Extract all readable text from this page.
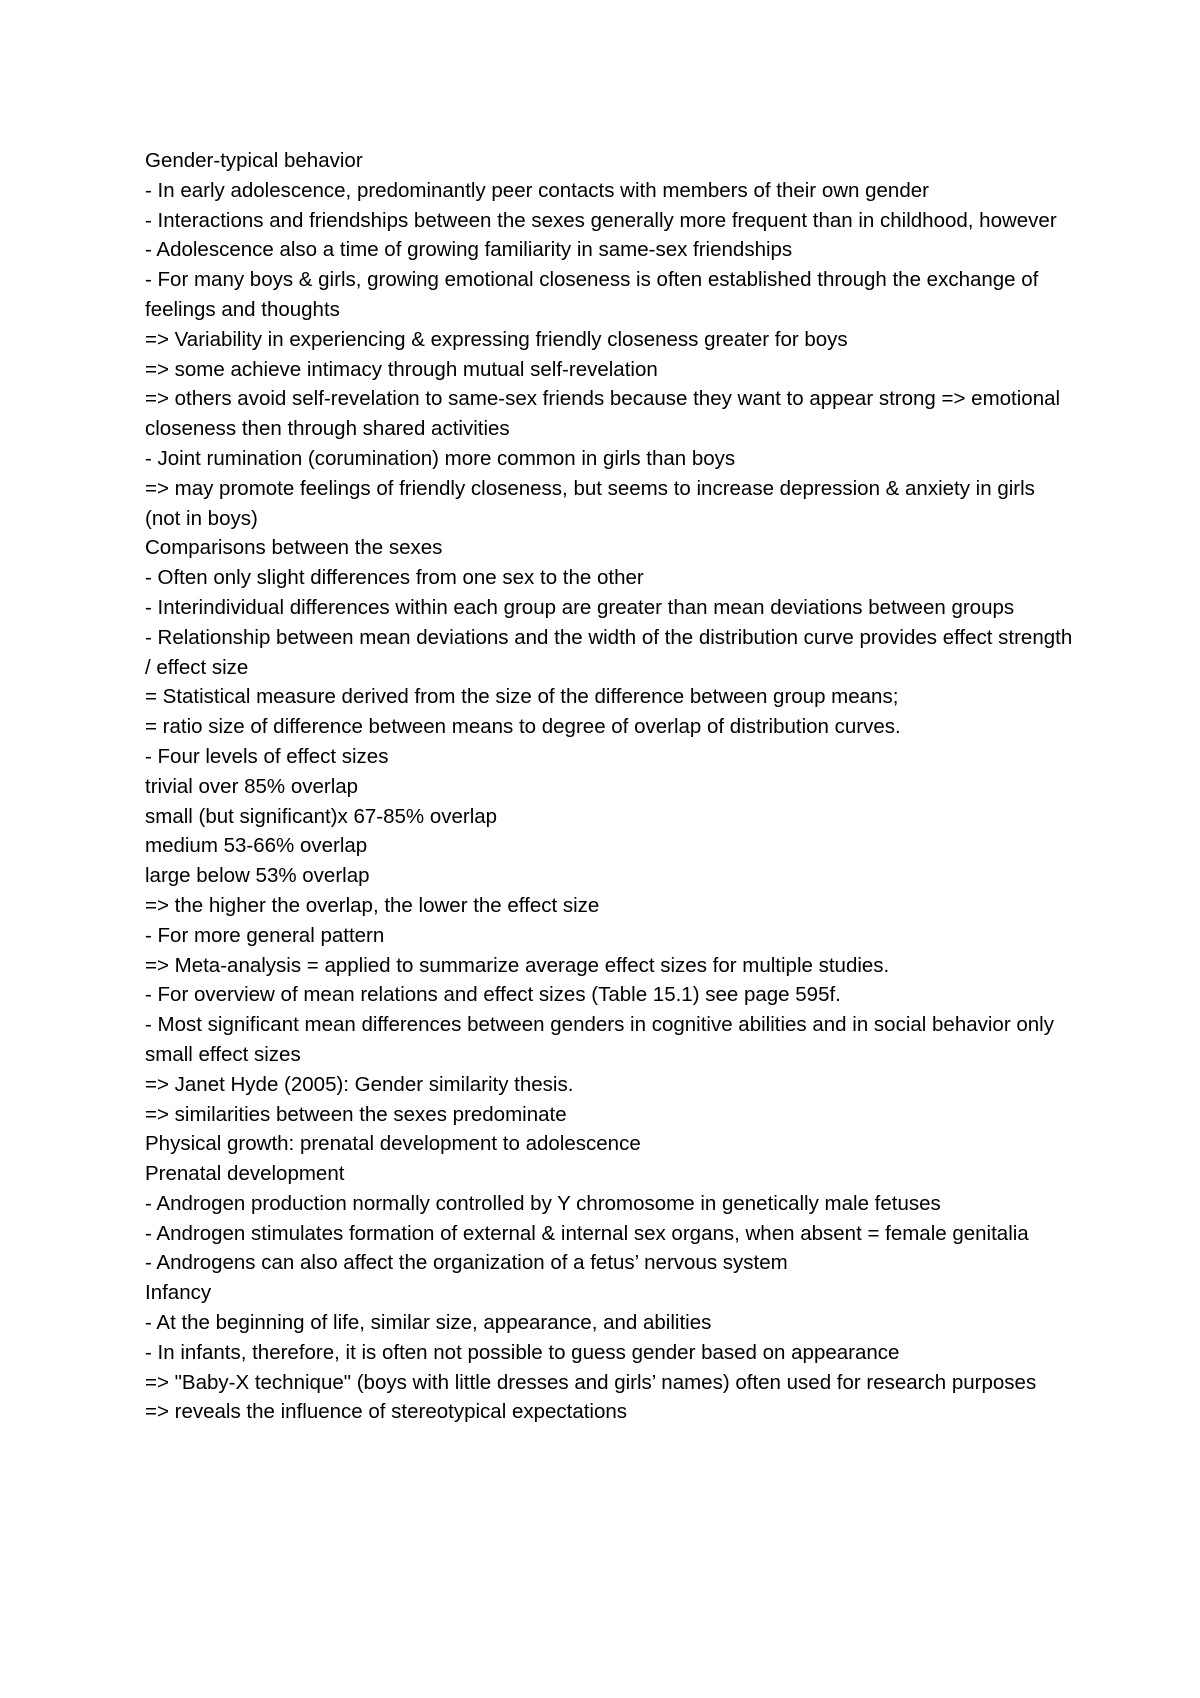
Gender-typical behavior
- In early adolescence, predominantly peer contacts with members of their own gender
- Interactions and friendships between the sexes generally more frequent than in childhood, however
- Adolescence also a time of growing familiarity in same-sex friendships
- For many boys & girls, growing emotional closeness is often established through the exchange of feelings and thoughts
=> Variability in experiencing & expressing friendly closeness greater for boys
=> some achieve intimacy through mutual self-revelation
=> others avoid self-revelation to same-sex friends because they want to appear strong => emotional closeness then through shared activities
- Joint rumination (corumination) more common in girls than boys
=> may promote feelings of friendly closeness, but seems to increase depression & anxiety in girls (not in boys)
Comparisons between the sexes
- Often only slight differences from one sex to the other
- Interindividual differences within each group are greater than mean deviations between groups
- Relationship between mean deviations and the width of the distribution curve provides effect strength / effect size
= Statistical measure derived from the size of the difference between group means;
= ratio size of difference between means to degree of overlap of distribution curves.
- Four levels of effect sizes
trivial over 85% overlap
small (but significant)x 67-85% overlap
medium 53-66% overlap
large below 53% overlap
=> the higher the overlap, the lower the effect size
- For more general pattern
=> Meta-analysis = applied to summarize average effect sizes for multiple studies.
- For overview of mean relations and effect sizes (Table 15.1) see page 595f.
- Most significant mean differences between genders in cognitive abilities and in social behavior only small effect sizes
=> Janet Hyde (2005): Gender similarity thesis.
=> similarities between the sexes predominate
Physical growth: prenatal development to adolescence
Prenatal development
- Androgen production normally controlled by Y chromosome in genetically male fetuses
- Androgen stimulates formation of external & internal sex organs, when absent = female genitalia
- Androgens can also affect the organization of a fetus’ nervous system
Infancy
- At the beginning of life, similar size, appearance, and abilities
- In infants, therefore, it is often not possible to guess gender based on appearance
=> "Baby-X technique" (boys with little dresses and girls’ names) often used for research purposes
=> reveals the influence of stereotypical expectations
